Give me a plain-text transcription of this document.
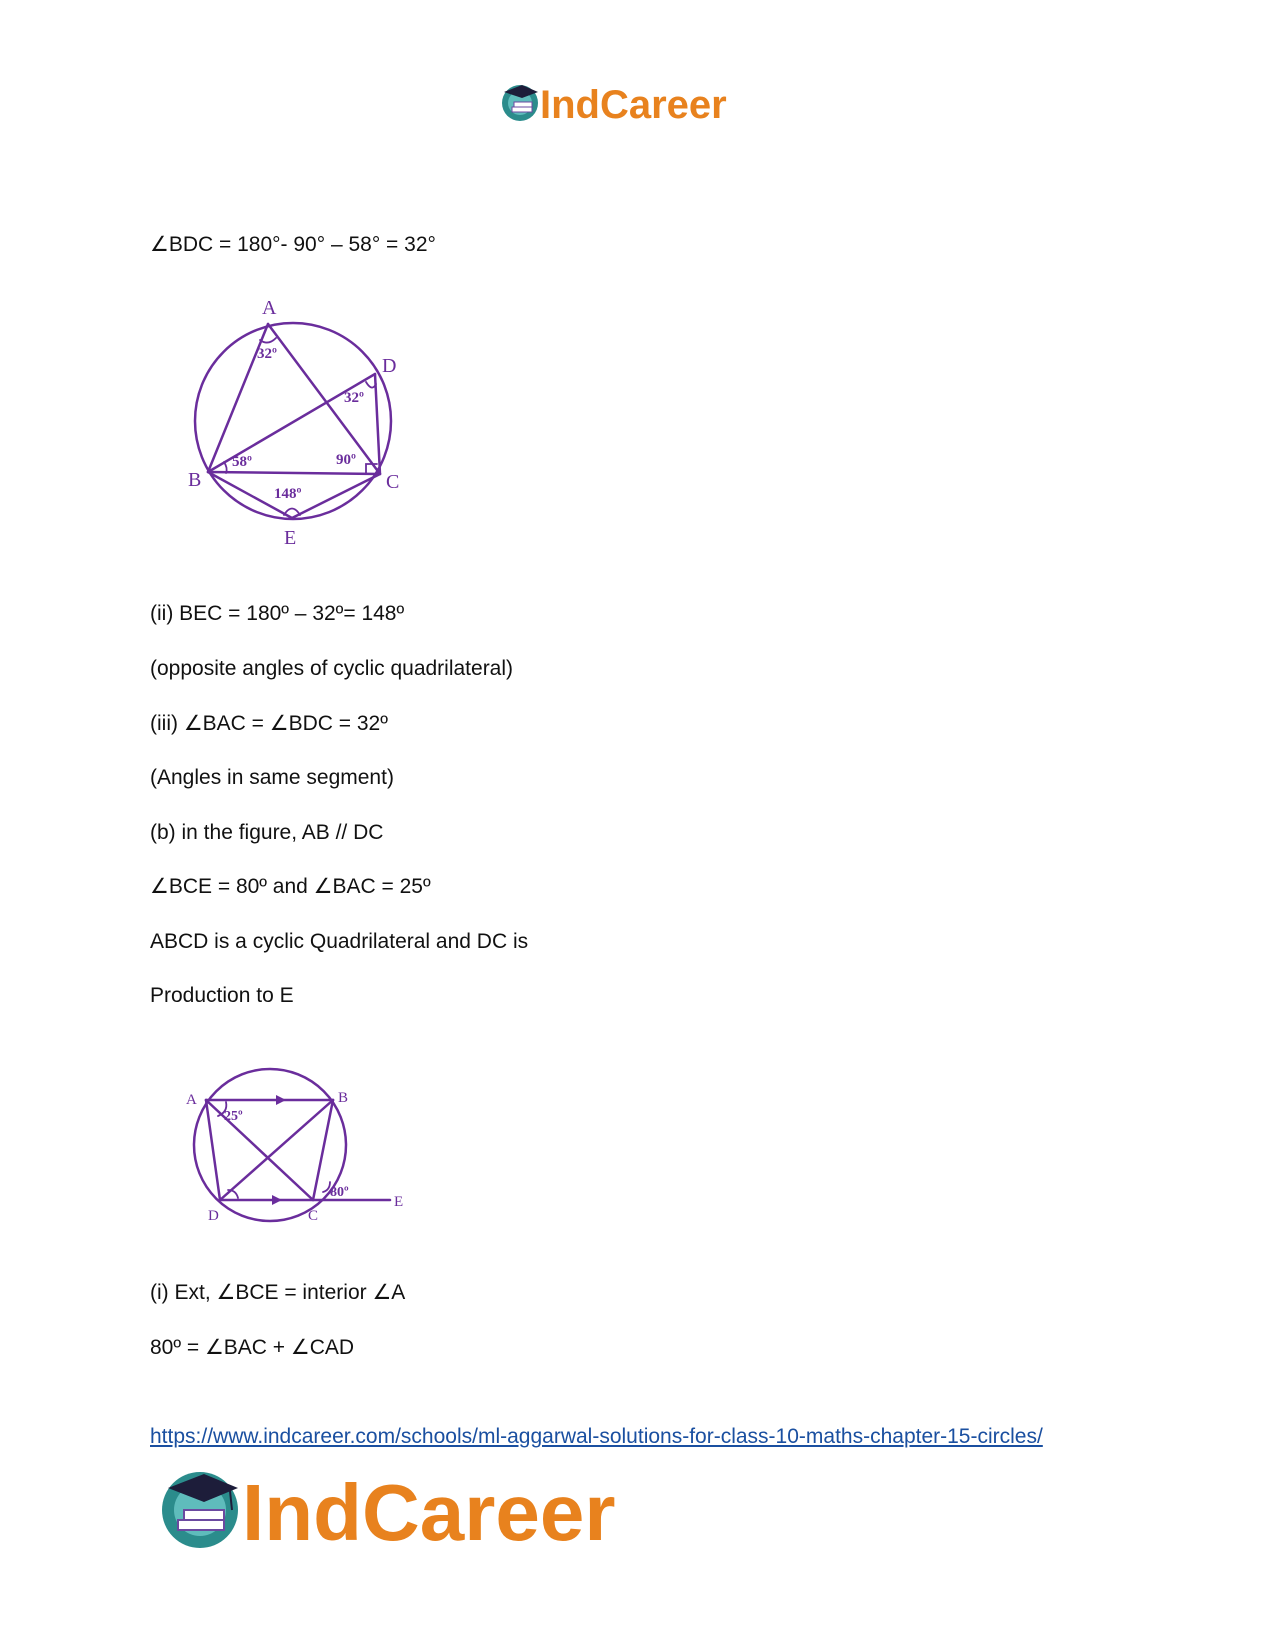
IndCareer
∠BDC = 180°- 90° – 58° = 32°
A
D
B	C
E
32º
32º
58º	90º
148º
(ii) BEC = 180º – 32º= 148º
(opposite angles of cyclic quadrilateral)
(iii) ∠BAC = ∠BDC = 32º
(Angles in same segment)
(b) in the figure, AB // DC
∠BCE = 80º and ∠BAC = 25º
ABCD is a cyclic Quadrilateral and DC is
Production to E
A	B
C
D
E
25º
80º
(i) Ext, ∠BCE = interior ∠A
80º = ∠BAC + ∠CAD
https://www.indcareer.com/schools/ml-aggarwal-solutions-for-class-10-maths-chapter-15-circles/
IndCareer
